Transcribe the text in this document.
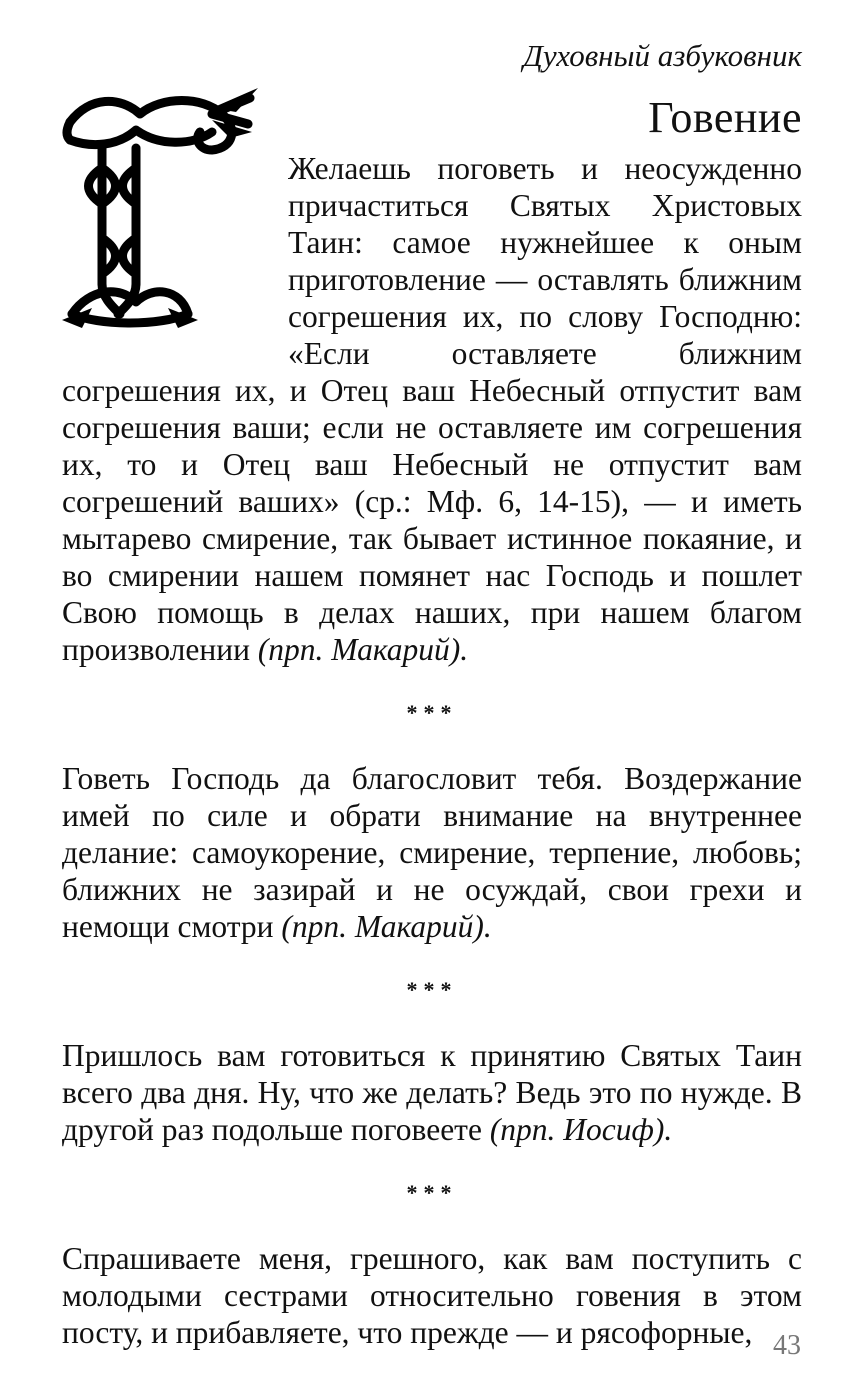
Духовный азбуковник
Говение

Желаешь поговеть и неосужденно причаститься Святых Христовых Таин: самое нужнейшее к оным приготовление — оставлять ближним согрешения их, по слову Господню: «Если оставляете ближним согрешения их, и Отец ваш Небесный отпустит вам согрешения ваши; если не оставляете им согрешения их, то и Отец ваш Небесный не отпустит вам согрешений ваших» (ср.: Мф. 6, 14-15), — и иметь мытарево смирение, так бывает истинное покаяние, и во смирении нашем помянет нас Господь и пошлет Свою помощь в делах наших, при нашем благом произволении (прп. Макарий).

***

Говеть Господь да благословит тебя. Воздержание имей по силе и обрати внимание на внутреннее делание: самоукорение, смирение, терпение, любовь; ближних не зазирай и не осуждай, свои грехи и немощи смотри (прп. Макарий).

***

Пришлось вам готовиться к принятию Святых Таин всего два дня. Ну, что же делать? Ведь это по нужде. В другой раз подольше поговеете (прп. Иосиф).

***

Спрашиваете меня, грешного, как вам поступить с молодыми сестрами относительно говения в этом посту, и прибавляете, что прежде — и рясофорные, 43
